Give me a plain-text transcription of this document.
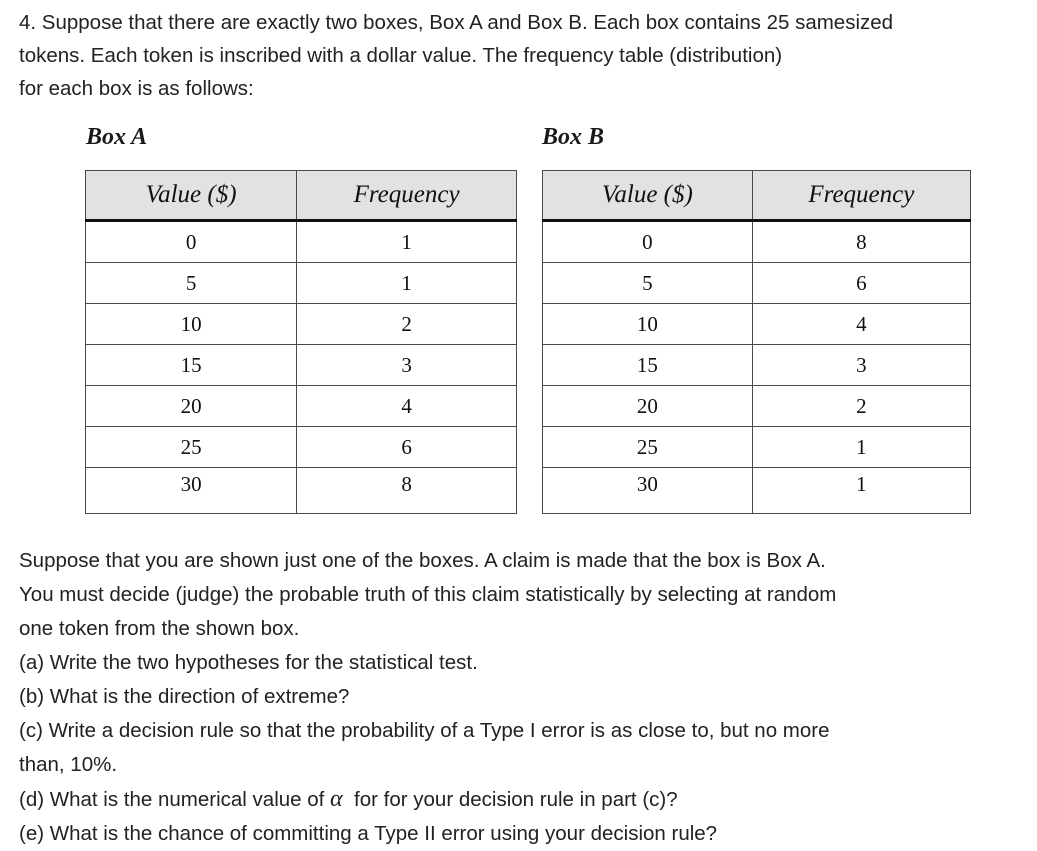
4. Suppose that there are exactly two boxes, Box A and Box B. Each box contains 25 samesized
tokens. Each token is inscribed with a dollar value. The frequency table (distribution)
for each box is as follows:

Box A	Box B
Value ($)	Frequency
0	1
5	1
10	2
15	3
20	4
25	6
30	8
Value ($)	Frequency
0	8
5	6
10	4
15	3
20	2
25	1
30	1
Suppose that you are shown just one of the boxes. A claim is made that the box is Box A.
You must decide (judge) the probable truth of this claim statistically by selecting at random
one token from the shown box.
(a) Write the two hypotheses for the statistical test.
(b) What is the direction of extreme?
(c) Write a decision rule so that the probability of a Type I error is as close to, but no more
than, 10%.
(d) What is the numerical value of α  for for your decision rule in part (c)?
(e) What is the chance of committing a Type II error using your decision rule?
